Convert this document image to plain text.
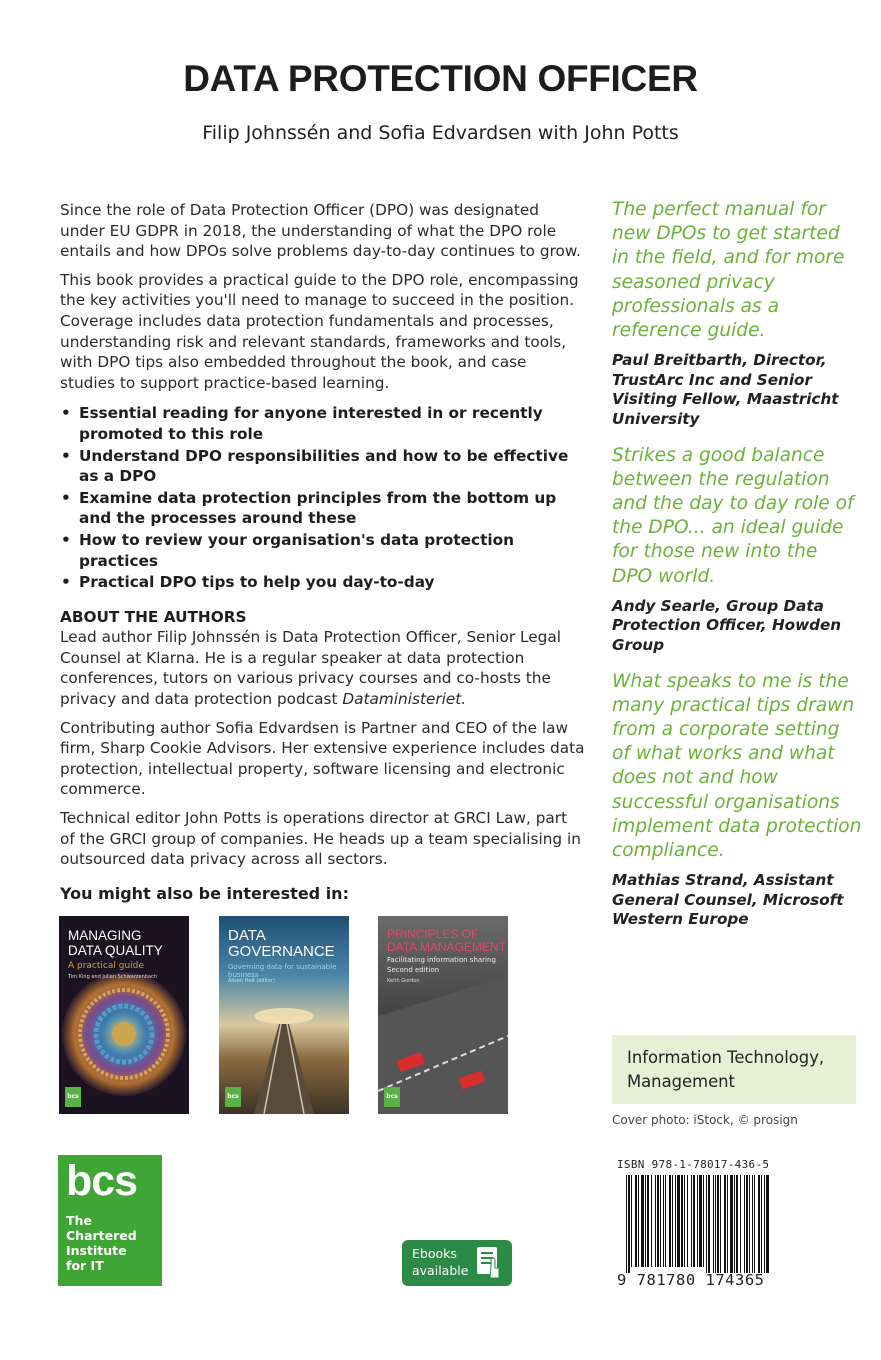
DATA PROTECTION OFFICER
Filip Johnssén and Sofia Edvardsen with John Potts

Since the role of Data Protection Officer (DPO) was designated under EU GDPR in 2018, the understanding of what the DPO role entails and how DPOs solve problems day-to-day continues to grow.

This book provides a practical guide to the DPO role, encompassing the key activities you'll need to manage to succeed in the position. Coverage includes data protection fundamentals and processes, understanding risk and relevant standards, frameworks and tools, with DPO tips also embedded throughout the book, and case studies to support practice-based learning.

• Essential reading for anyone interested in or recently promoted to this role
• Understand DPO responsibilities and how to be effective as a DPO
• Examine data protection principles from the bottom up and the processes around these
• How to review your organisation's data protection practices
• Practical DPO tips to help you day-to-day
ABOUT THE AUTHORS

Lead author Filip Johnssén is Data Protection Officer, Senior Legal Counsel at Klarna. He is a regular speaker at data protection conferences, tutors on various privacy courses and co-hosts the privacy and data protection podcast Dataministeriet.

Contributing author Sofia Edvardsen is Partner and CEO of the law firm, Sharp Cookie Advisors. Her extensive experience includes data protection, intellectual property, software licensing and electronic commerce.

Technical editor John Potts is operations director at GRCI Law, part of the GRCI group of companies. He heads up a team specialising in outsourced data privacy across all sectors.

The perfect manual for new DPOs to get started in the field, and for more seasoned privacy professionals as a reference guide.

Paul Breitbarth, Director, TrustArc Inc and Senior Visiting Fellow, Maastricht University

Strikes a good balance between the regulation and the day to day role of the DPO... an ideal guide for those new into the DPO world.

Andy Searle, Group Data Protection Officer, Howden Group

What speaks to me is the many practical tips drawn from a corporate setting of what works and what does not and how successful organisations implement data protection compliance.

Mathias Strand, Assistant General Counsel, Microsoft Western Europe

Information Technology,
Management
Cover photo: iStock, © prosign
You might also be interested in:
MANAGING
DATA QUALITY
A practical guide
Tim King and Julian Schwarzenbach
bcs
DATA
GOVERNANCE
Governing data for sustainable business
Alison Holt (editor)
bcs
PRINCIPLES OF
DATA MANAGEMENT
Facilitating information sharing
Second edition
Keith Gordon
bcs
bcs
The
Chartered
Institute
for IT
Ebooks
available
ISBN 978-1-78017-436-5
9 781780 174365
